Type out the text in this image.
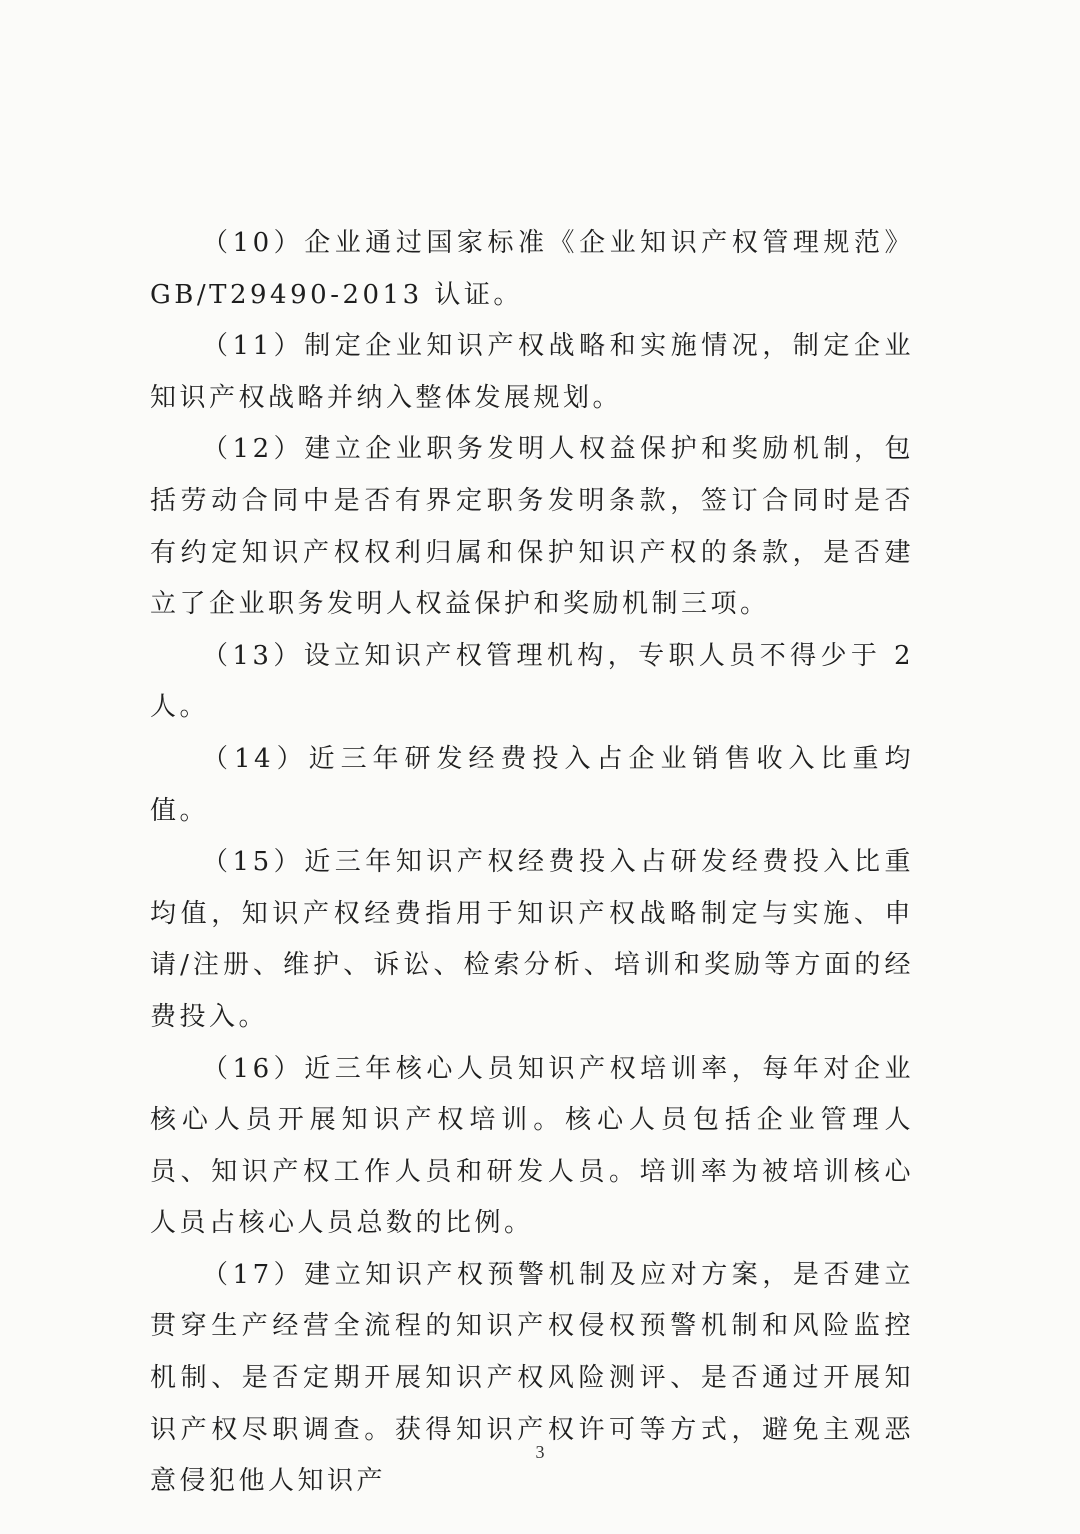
（10）企业通过国家标准《企业知识产权管理规范》GB/T29490-2013 认证。

（11）制定企业知识产权战略和实施情况，制定企业知识产权战略并纳入整体发展规划。

（12）建立企业职务发明人权益保护和奖励机制，包括劳动合同中是否有界定职务发明条款，签订合同时是否有约定知识产权权利归属和保护知识产权的条款，是否建立了企业职务发明人权益保护和奖励机制三项。

（13）设立知识产权管理机构，专职人员不得少于 2 人。

（14）近三年研发经费投入占企业销售收入比重均值。

（15）近三年知识产权经费投入占研发经费投入比重均值，知识产权经费指用于知识产权战略制定与实施、申请/注册、维护、诉讼、检索分析、培训和奖励等方面的经费投入。

（16）近三年核心人员知识产权培训率，每年对企业核心人员开展知识产权培训。核心人员包括企业管理人员、知识产权工作人员和研发人员。培训率为被培训核心人员占核心人员总数的比例。

（17）建立知识产权预警机制及应对方案，是否建立贯穿生产经营全流程的知识产权侵权预警机制和风险监控机制、是否定期开展知识产权风险测评、是否通过开展知识产权尽职调查。获得知识产权许可等方式，避免主观恶意侵犯他人知识产

3
